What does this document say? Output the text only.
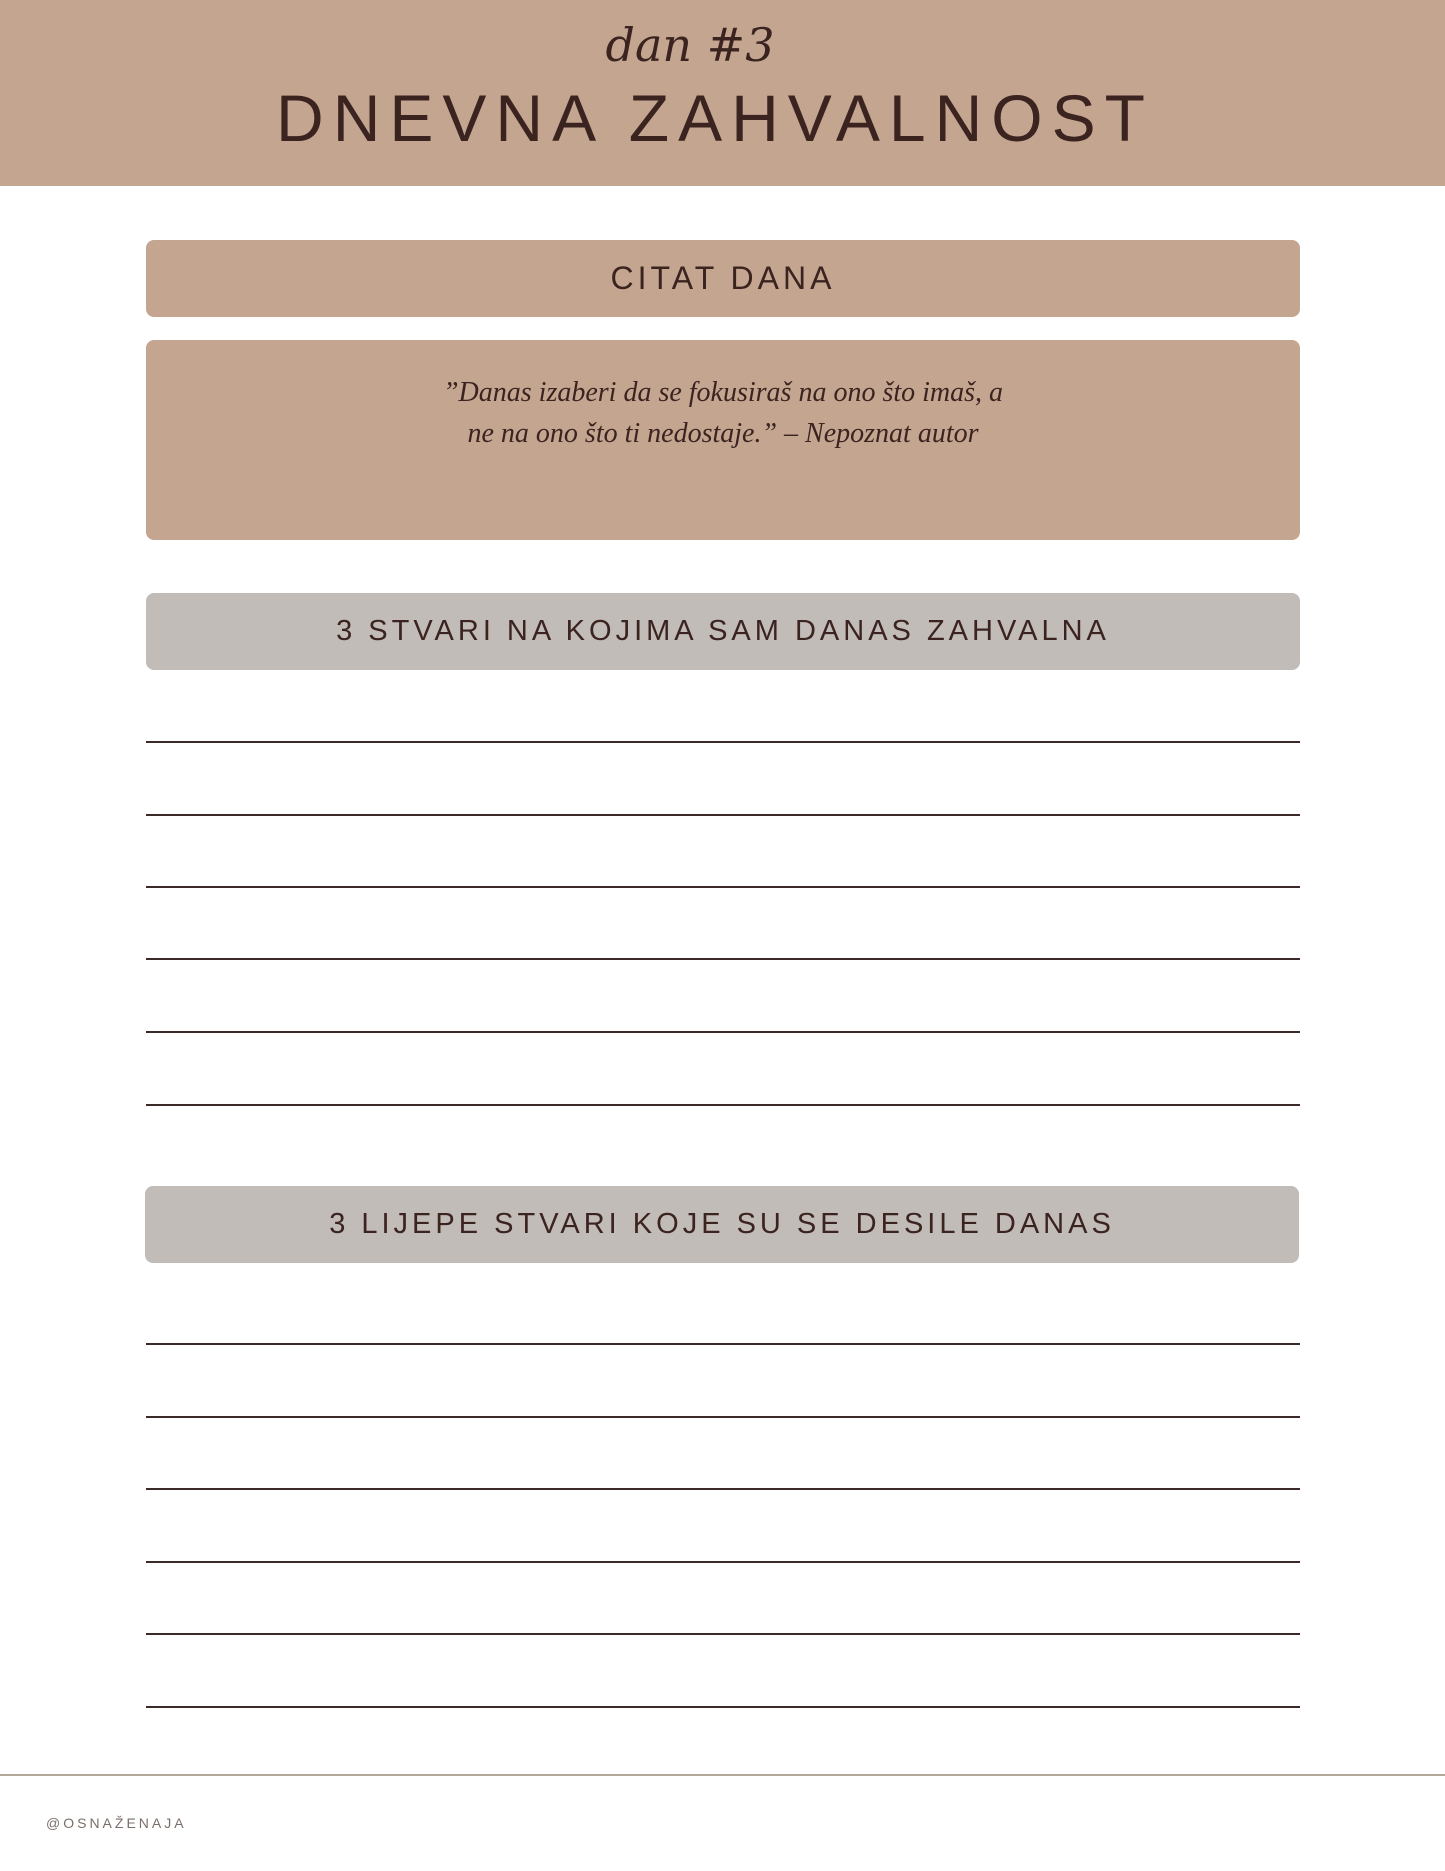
dan #3
DNEVNA ZAHVALNOST
CITAT DANA
”Danas izaberi da se fokusiraš na ono što imaš, a
ne na ono što ti nedostaje.” – Nepoznat autor
3 STVARI NA KOJIMA SAM DANAS ZAHVALNA
3 LIJEPE STVARI KOJE SU SE DESILE DANAS
@OSNAŽENAJA
